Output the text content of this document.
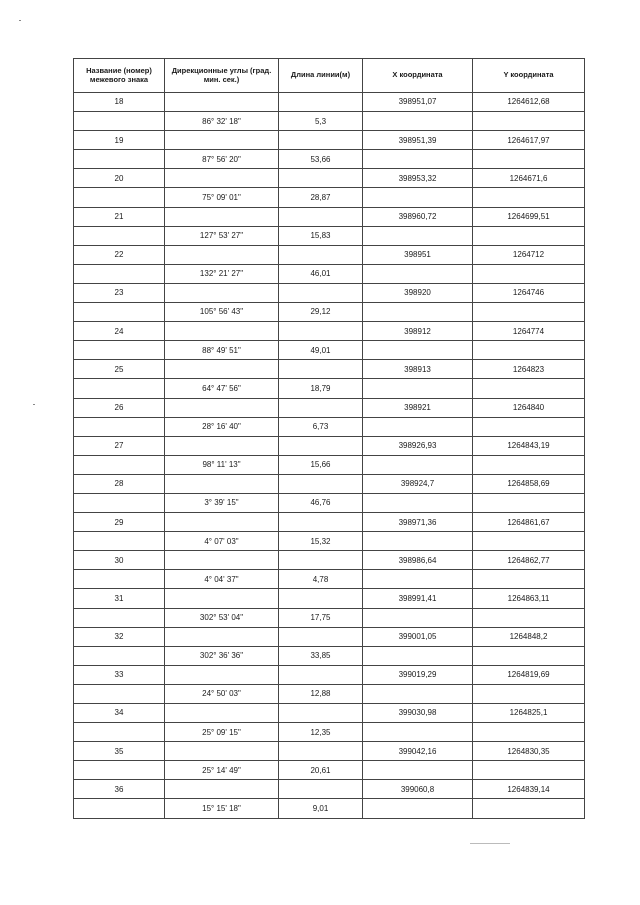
Название (номер) межевого знака	Дирекционные углы (град. мин. сек.)	Длина линии(м)	X координата	Y координата
18			398951,07	1264612,68
	86° 32' 18"	5,3		
19			398951,39	1264617,97
	87° 56' 20"	53,66		
20			398953,32	1264671,6
	75° 09' 01"	28,87		
21			398960,72	1264699,51
	127° 53' 27"	15,83		
22			398951	1264712
	132° 21' 27"	46,01		
23			398920	1264746
	105° 56' 43"	29,12		
24			398912	1264774
	88° 49' 51"	49,01		
25			398913	1264823
	64° 47' 56"	18,79		
26			398921	1264840
	28° 16' 40"	6,73		
27			398926,93	1264843,19
	98° 11' 13"	15,66		
28			398924,7	1264858,69
	3° 39' 15"	46,76		
29			398971,36	1264861,67
	4° 07' 03"	15,32		
30			398986,64	1264862,77
	4° 04' 37"	4,78		
31			398991,41	1264863,11
	302° 53' 04"	17,75		
32			399001,05	1264848,2
	302° 36' 36"	33,85		
33			399019,29	1264819,69
	24° 50' 03"	12,88		
34			399030,98	1264825,1
	25° 09' 15"	12,35		
35			399042,16	1264830,35
	25° 14' 49"	20,61		
36			399060,8	1264839,14
	15° 15' 18"	9,01		
